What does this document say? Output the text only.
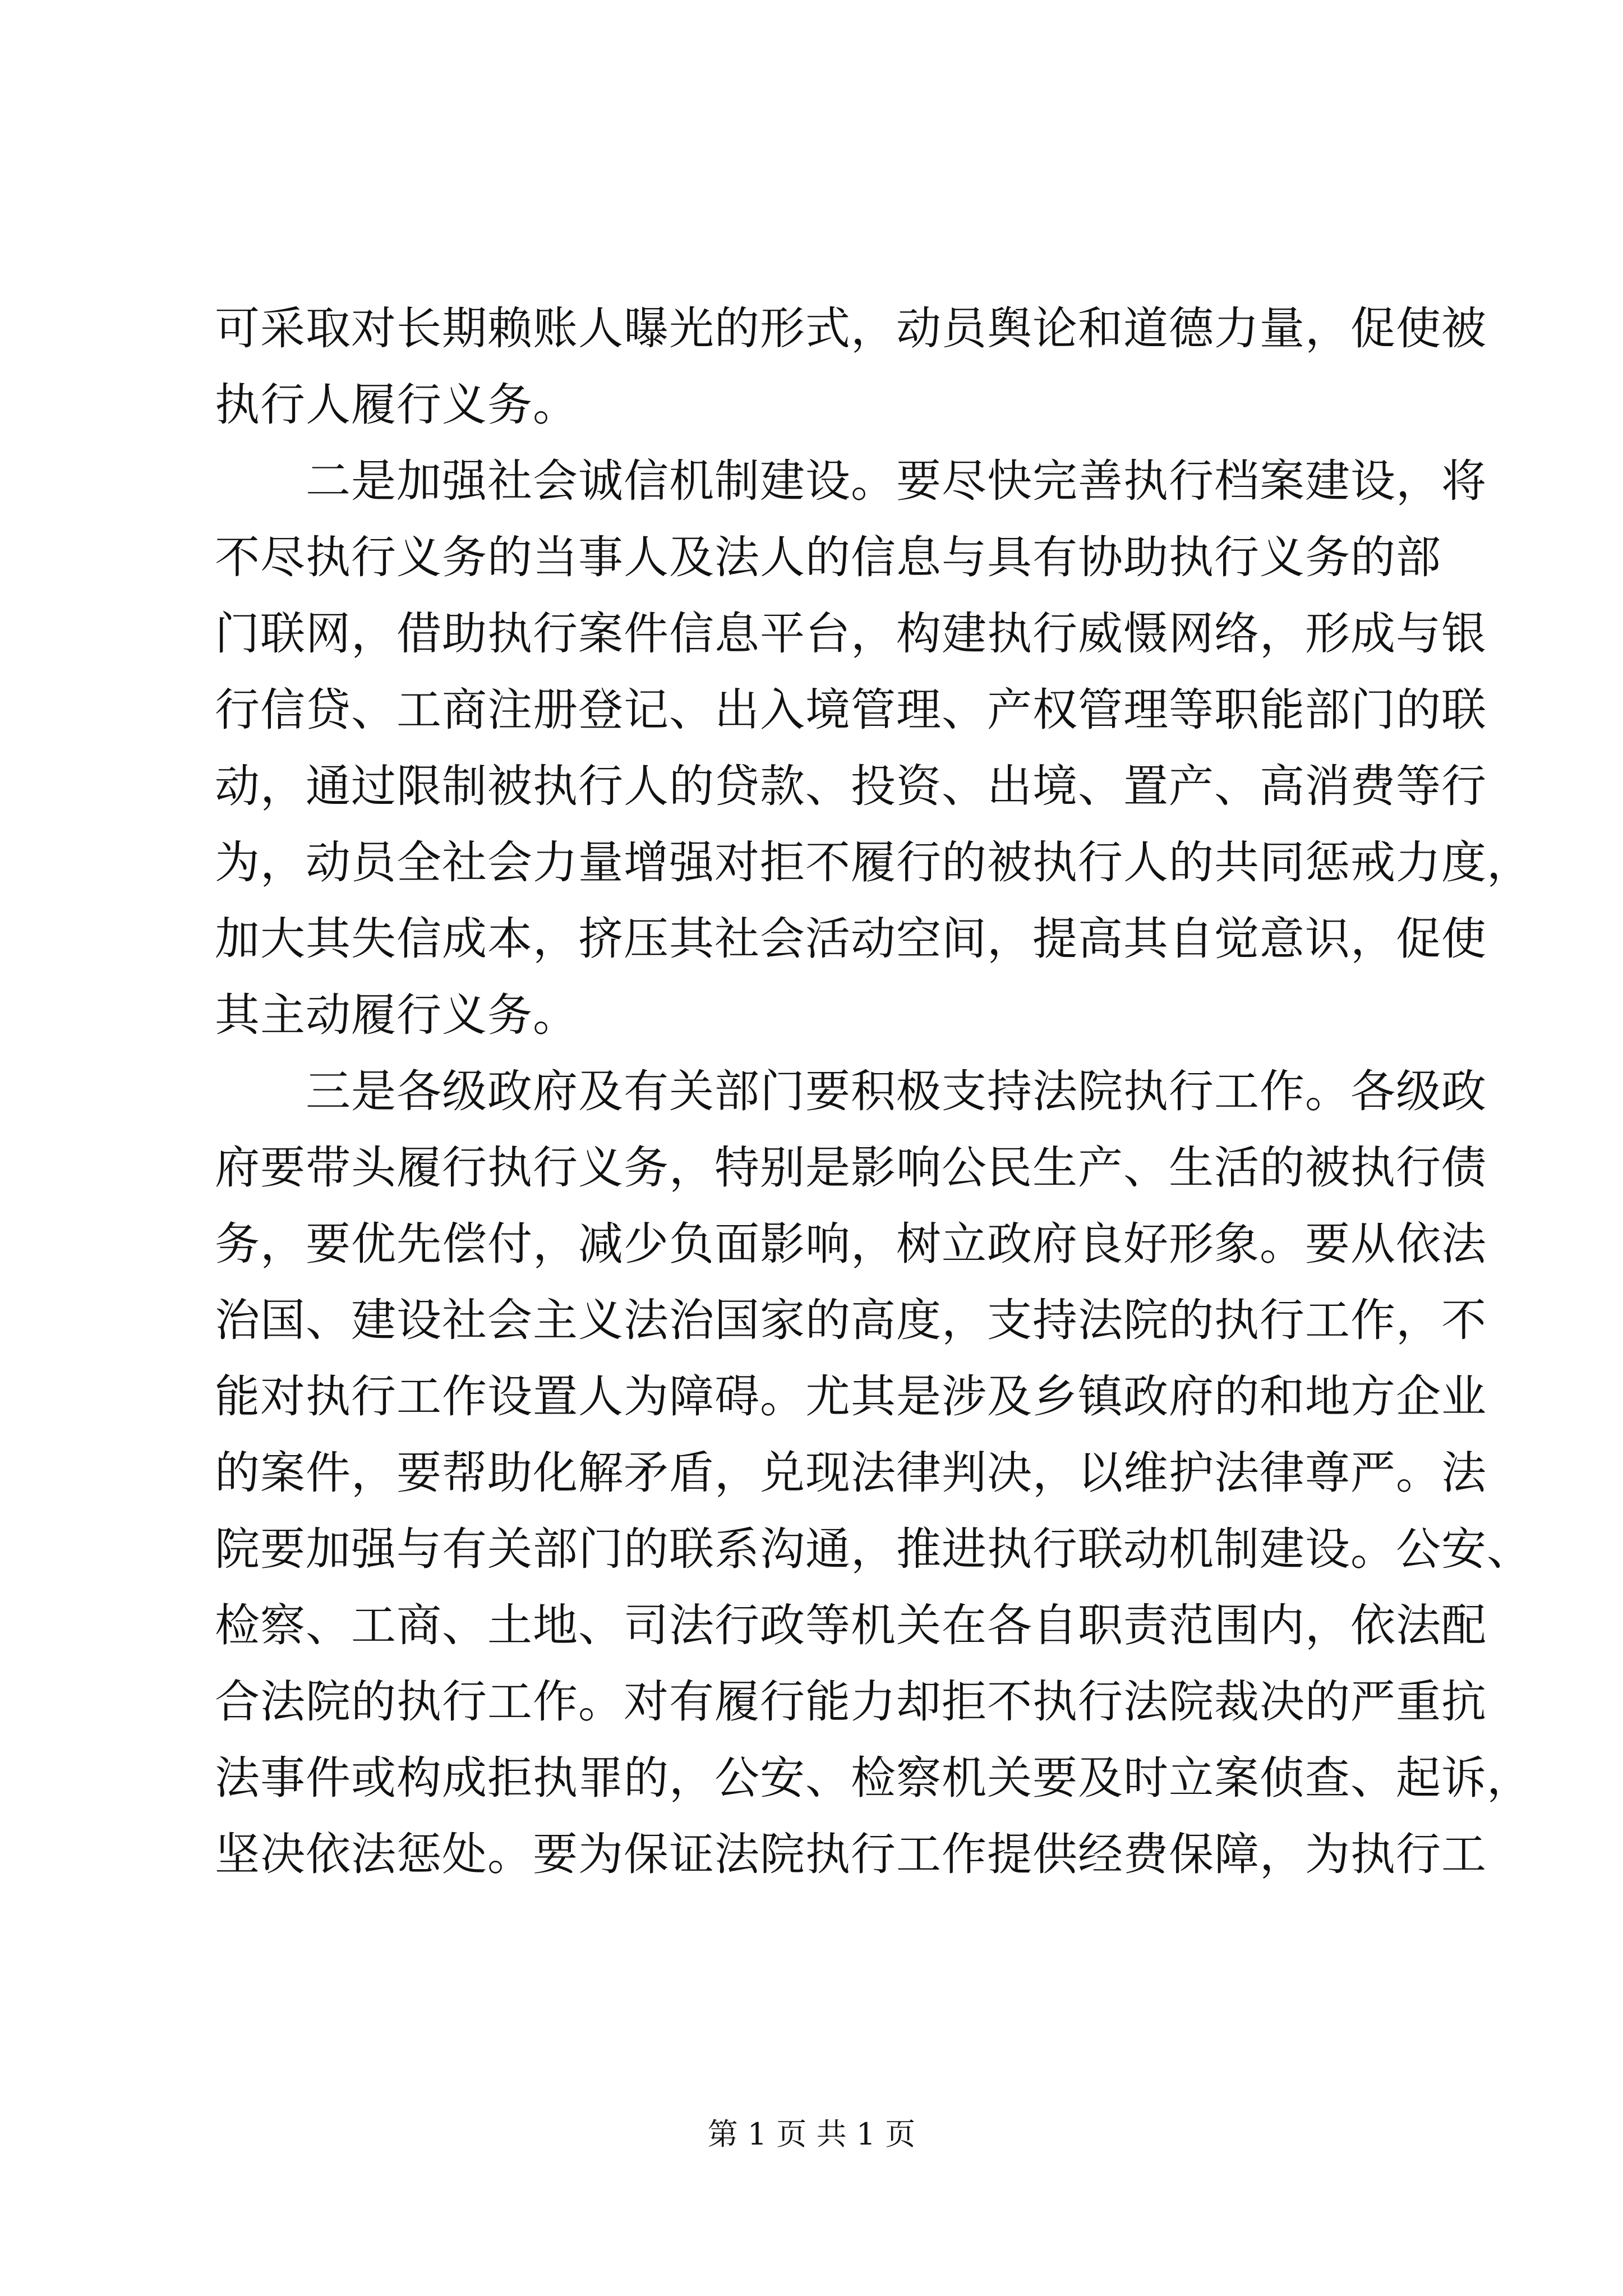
可采取对长期赖账人曝光的形式，动员舆论和道德力量，促使被
执行人履行义务。
　　二是加强社会诚信机制建设。要尽快完善执行档案建设，将
不尽执行义务的当事人及法人的信息与具有协助执行义务的部
门联网，借助执行案件信息平台，构建执行威慑网络，形成与银
行信贷、工商注册登记、出入境管理、产权管理等职能部门的联
动，通过限制被执行人的贷款、投资、出境、置产、高消费等行
为，动员全社会力量增强对拒不履行的被执行人的共同惩戒力度，
加大其失信成本，挤压其社会活动空间，提高其自觉意识，促使
其主动履行义务。
　　三是各级政府及有关部门要积极支持法院执行工作。各级政
府要带头履行执行义务，特别是影响公民生产、生活的被执行债
务，要优先偿付，减少负面影响，树立政府良好形象。要从依法
治国、建设社会主义法治国家的高度，支持法院的执行工作，不
能对执行工作设置人为障碍。尤其是涉及乡镇政府的和地方企业
的案件，要帮助化解矛盾，兑现法律判决，以维护法律尊严。法
院要加强与有关部门的联系沟通，推进执行联动机制建设。公安、
检察、工商、土地、司法行政等机关在各自职责范围内，依法配
合法院的执行工作。对有履行能力却拒不执行法院裁决的严重抗
法事件或构成拒执罪的，公安、检察机关要及时立案侦查、起诉，
坚决依法惩处。要为保证法院执行工作提供经费保障，为执行工
第 1 页 共 1 页
